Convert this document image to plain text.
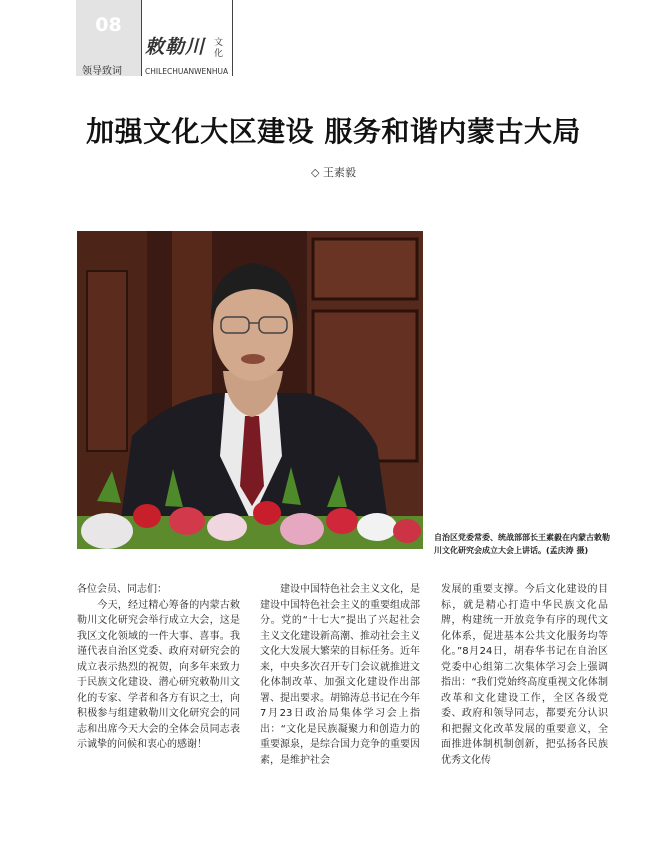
08
领导致词
敕勒川 文化
CHILECHUANWENHUA
加强文化大区建设 服务和谐内蒙古大局
◇ 王素毅
自治区党委常委、统战部部长王素毅在内蒙古敕勒川文化研究会成立大会上讲话。(孟庆涛 摄)

各位会员、同志们：
　　今天，经过精心筹备的内蒙古敕勒川文化研究会举行成立大会，这是我区文化领域的一件大事、喜事。我谨代表自治区党委、政府对研究会的成立表示热烈的祝贺，向多年来致力于民族文化建设、潜心研究敕勒川文化的专家、学者和各方有识之士，向积极参与组建敕勒川文化研究会的同志和出席今天大会的全体会员同志表示诚挚的问候和衷心的感谢！

　　建设中国特色社会主义文化，是建设中国特色社会主义的重要组成部分。党的“十七大”提出了兴起社会主义文化建设新高潮、推动社会主义文化大发展大繁荣的目标任务。近年来，中央多次召开专门会议就推进文化体制改革、加强文化建设作出部署、提出要求。胡锦涛总书记在今年7月23日政治局集体学习会上指出：“文化是民族凝聚力和创造力的重要源泉，是综合国力竞争的重要因素，是维护社会

发展的重要支撑。今后文化建设的目标，就是精心打造中华民族文化品牌，构建统一开放竞争有序的现代文化体系，促进基本公共文化服务均等化。”8月24日，胡春华书记在自治区党委中心组第二次集体学习会上强调指出：“我们党始终高度重视文化体制改革和文化建设工作，全区各级党委、政府和领导同志，都要充分认识和把握文化改革发展的重要意义，全面推进体制机制创新，把弘扬各民族优秀文化传
